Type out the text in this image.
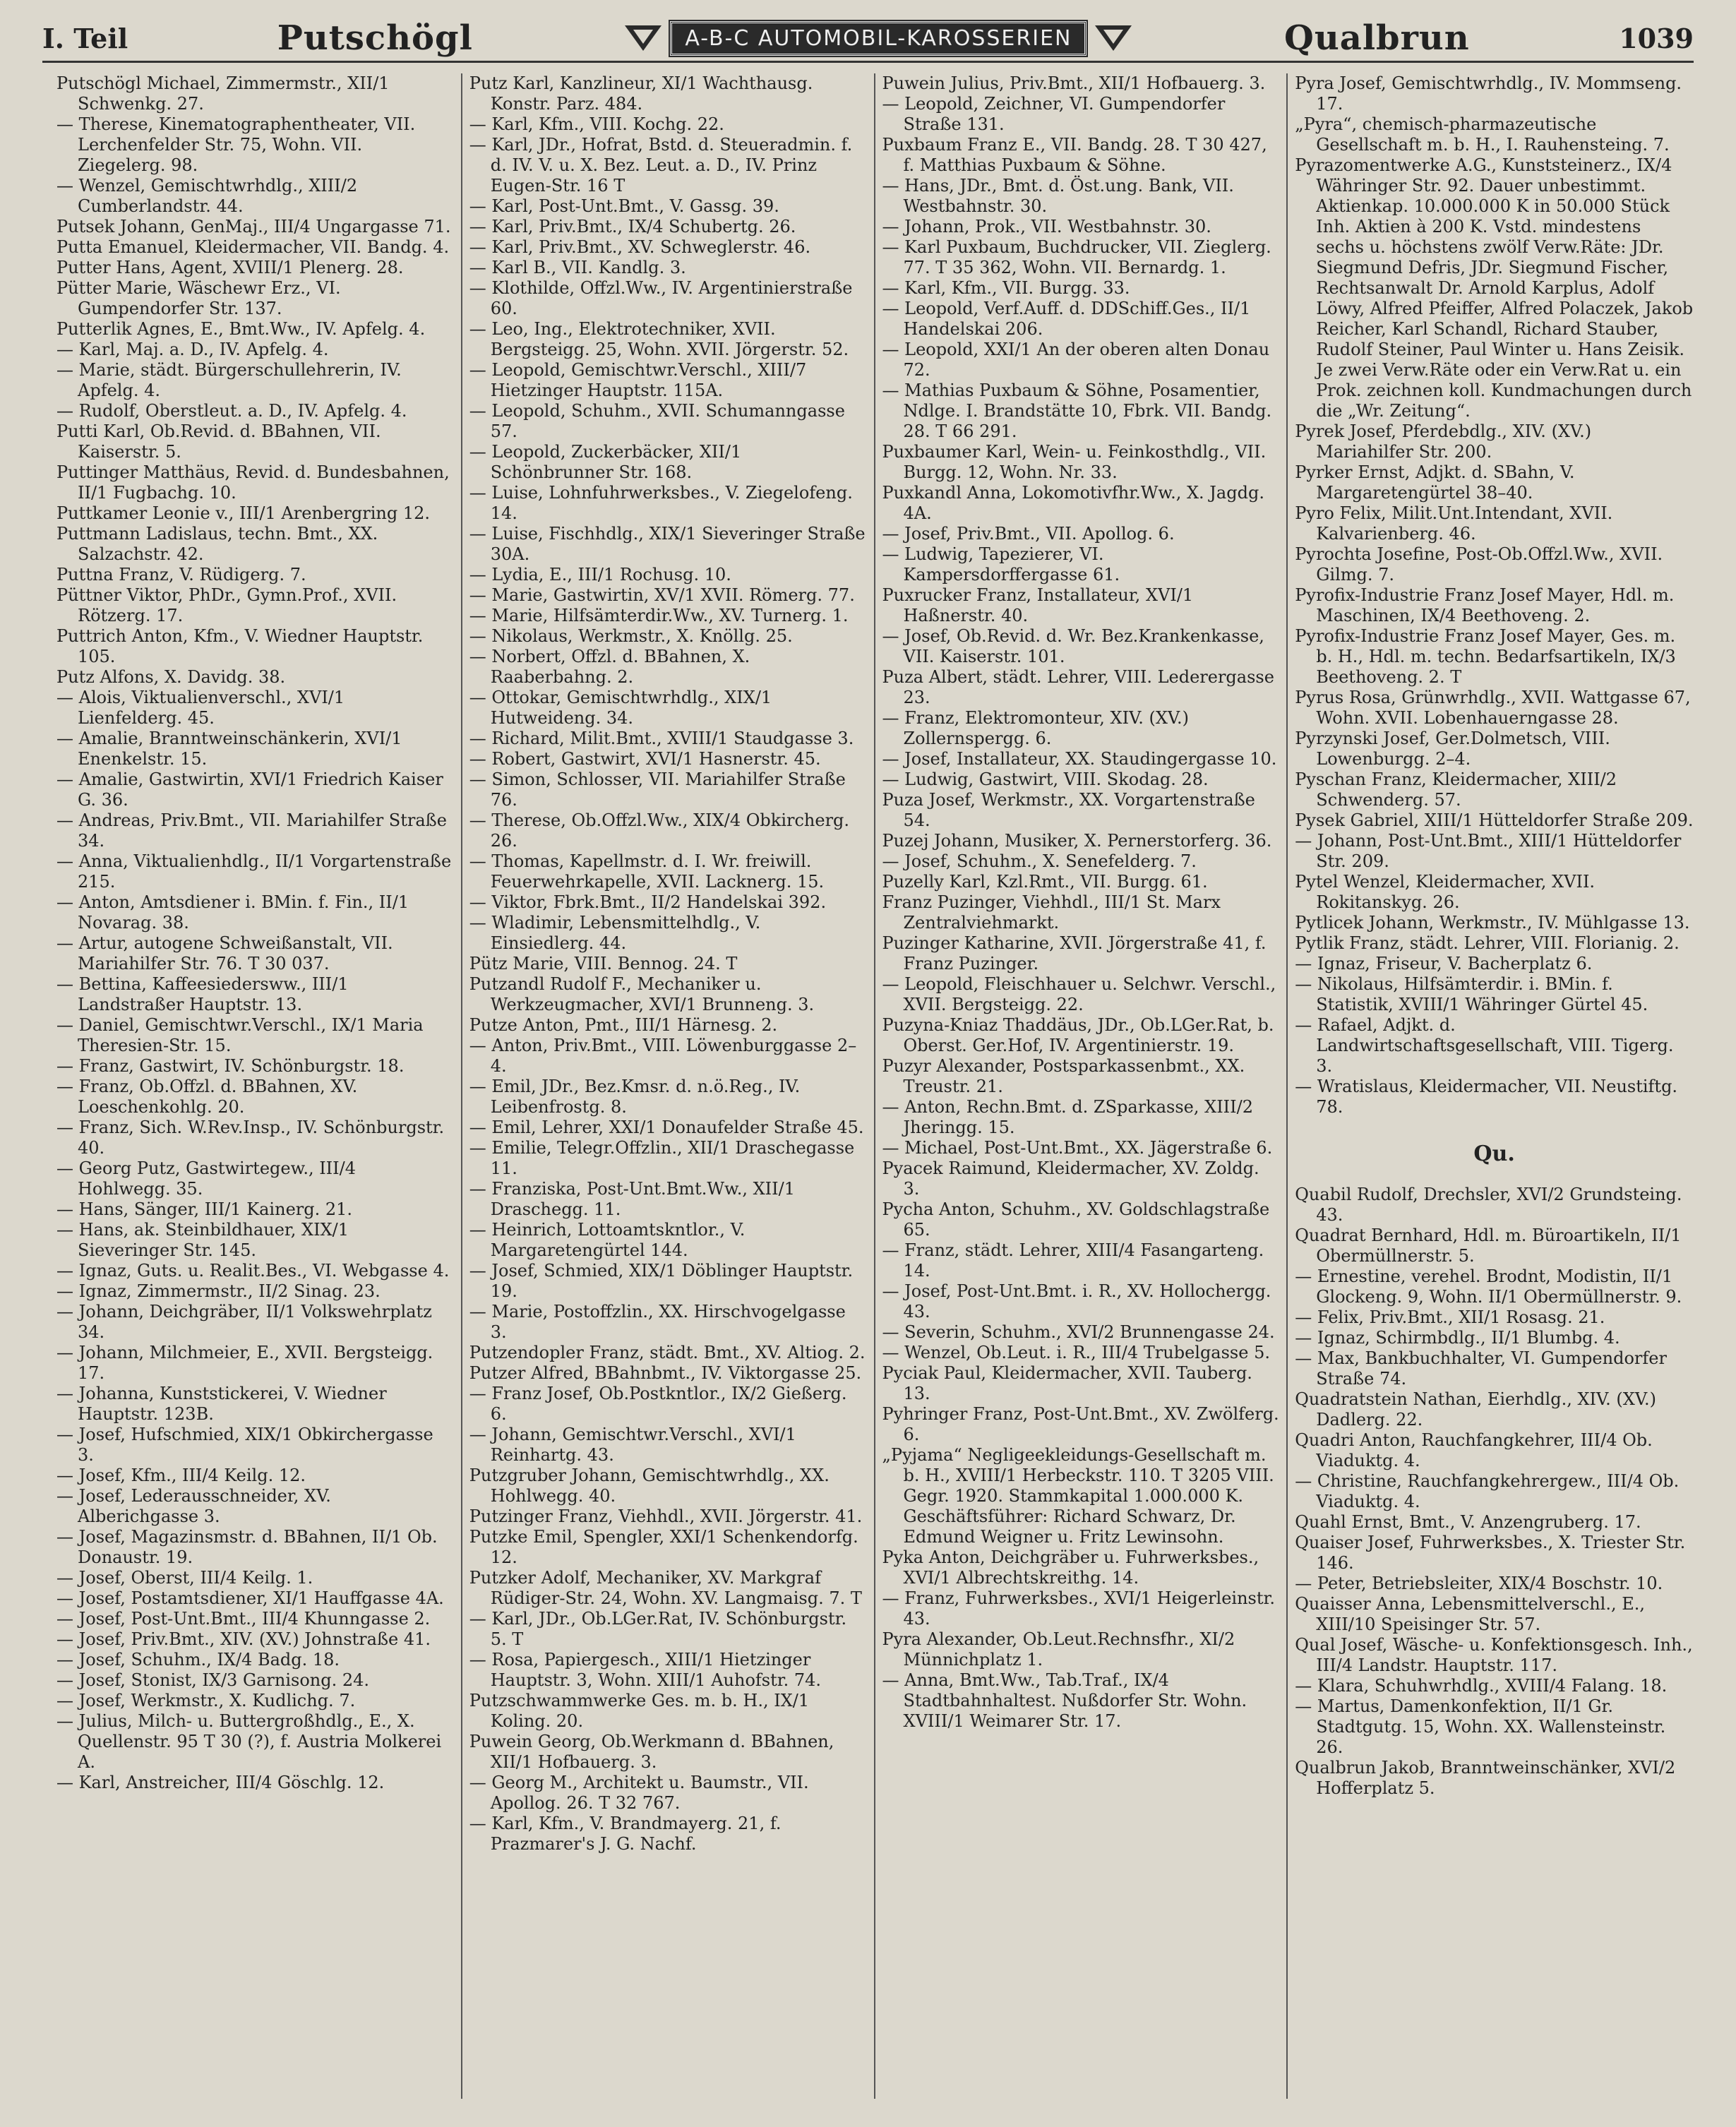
I. Teil	Putschögl	A-B-C AUTOMOBIL-KAROSSERIEN	Qualbrun	1039

Putschögl Michael, Zimmermstr., XII/1 Schwenkg. 27.

— Therese, Kinematographentheater, VII. Lerchenfelder Str. 75, Wohn. VII. Ziegelerg. 98.

— Wenzel, Gemischtwrhdlg., XIII/2 Cumberlandstr. 44.

Putsek Johann, GenMaj., III/4 Ungargasse 71.

Putta Emanuel, Kleidermacher, VII. Bandg. 4.

Putter Hans, Agent, XVIII/1 Plenerg. 28.

Pütter Marie, Wäschewr Erz., VI. Gumpendorfer Str. 137.

Putterlik Agnes, E., Bmt.Ww., IV. Apfelg. 4.

— Karl, Maj. a. D., IV. Apfelg. 4.

— Marie, städt. Bürgerschullehrerin, IV. Apfelg. 4.

— Rudolf, Oberstleut. a. D., IV. Apfelg. 4.

Putti Karl, Ob.Revid. d. BBahnen, VII. Kaiserstr. 5.

Puttinger Matthäus, Revid. d. Bundesbahnen, II/1 Fugbachg. 10.

Puttkamer Leonie v., III/1 Arenbergring 12.

Puttmann Ladislaus, techn. Bmt., XX. Salzachstr. 42.

Puttna Franz, V. Rüdigerg. 7.

Püttner Viktor, PhDr., Gymn.Prof., XVII. Rötzerg. 17.

Puttrich Anton, Kfm., V. Wiedner Hauptstr. 105.

Putz Alfons, X. Davidg. 38.

— Alois, Viktualienverschl., XVI/1 Lienfelderg. 45.

— Amalie, Branntweinschänkerin, XVI/1 Enenkelstr. 15.

— Amalie, Gastwirtin, XVI/1 Friedrich Kaiser G. 36.

— Andreas, Priv.Bmt., VII. Mariahilfer Straße 34.

— Anna, Viktualienhdlg., II/1 Vorgartenstraße 215.

— Anton, Amtsdiener i. BMin. f. Fin., II/1 Novarag. 38.

— Artur, autogene Schweißanstalt, VII. Mariahilfer Str. 76. T 30 037.

— Bettina, Kaffeesiedersww., III/1 Landstraßer Hauptstr. 13.

— Daniel, Gemischtwr.Verschl., IX/1 Maria Theresien-Str. 15.

— Franz, Gastwirt, IV. Schönburgstr. 18.

— Franz, Ob.Offzl. d. BBahnen, XV. Loeschenkohlg. 20.

— Franz, Sich. W.Rev.Insp., IV. Schönburgstr. 40.

— Georg Putz, Gastwirtegew., III/4 Hohlwegg. 35.

— Hans, Sänger, III/1 Kainerg. 21.

— Hans, ak. Steinbildhauer, XIX/1 Sieveringer Str. 145.

— Ignaz, Guts. u. Realit.Bes., VI. Webgasse 4.

— Ignaz, Zimmermstr., II/2 Sinag. 23.

— Johann, Deichgräber, II/1 Volkswehrplatz 34.

— Johann, Milchmeier, E., XVII. Bergsteigg. 17.

— Johanna, Kunststickerei, V. Wiedner Hauptstr. 123B.

— Josef, Hufschmied, XIX/1 Obkirchergasse 3.

— Josef, Kfm., III/4 Keilg. 12.

— Josef, Lederausschneider, XV. Alberichgasse 3.

— Josef, Magazinsmstr. d. BBahnen, II/1 Ob. Donaustr. 19.

— Josef, Oberst, III/4 Keilg. 1.

— Josef, Postamtsdiener, XI/1 Hauffgasse 4A.

— Josef, Post-Unt.Bmt., III/4 Khunngasse 2.

— Josef, Priv.Bmt., XIV. (XV.) Johnstraße 41.

— Josef, Schuhm., IX/4 Badg. 18.

— Josef, Stonist, IX/3 Garnisong. 24.

— Josef, Werkmstr., X. Kudlichg. 7.

— Julius, Milch- u. Buttergroßhdlg., E., X. Quellenstr. 95 T 30 (?), f. Austria Molkerei A.

— Karl, Anstreicher, III/4 Göschlg. 12.

Putz Karl, Kanzlineur, XI/1 Wachthausg. Konstr. Parz. 484.

— Karl, Kfm., VIII. Kochg. 22.

— Karl, JDr., Hofrat, Bstd. d. Steueradmin. f. d. IV. V. u. X. Bez. Leut. a. D., IV. Prinz Eugen-Str. 16 T

— Karl, Post-Unt.Bmt., V. Gassg. 39.

— Karl, Priv.Bmt., IX/4 Schubertg. 26.

— Karl, Priv.Bmt., XV. Schweglerstr. 46.

— Karl B., VII. Kandlg. 3.

— Klothilde, Offzl.Ww., IV. Argentinierstraße 60.

— Leo, Ing., Elektrotechniker, XVII. Bergsteigg. 25, Wohn. XVII. Jörgerstr. 52.

— Leopold, Gemischtwr.Verschl., XIII/7 Hietzinger Hauptstr. 115A.

— Leopold, Schuhm., XVII. Schumanngasse 57.

— Leopold, Zuckerbäcker, XII/1 Schönbrunner Str. 168.

— Luise, Lohnfuhrwerksbes., V. Ziegelofeng. 14.

— Luise, Fischhdlg., XIX/1 Sieveringer Straße 30A.

— Lydia, E., III/1 Rochusg. 10.

— Marie, Gastwirtin, XV/1 XVII. Römerg. 77.

— Marie, Hilfsämterdir.Ww., XV. Turnerg. 1.

— Nikolaus, Werkmstr., X. Knöllg. 25.

— Norbert, Offzl. d. BBahnen, X. Raaberbahng. 2.

— Ottokar, Gemischtwrhdlg., XIX/1 Hutweideng. 34.

— Richard, Milit.Bmt., XVIII/1 Staudgasse 3.

— Robert, Gastwirt, XVI/1 Hasnerstr. 45.

— Simon, Schlosser, VII. Mariahilfer Straße 76.

— Therese, Ob.Offzl.Ww., XIX/4 Obkircherg. 26.

— Thomas, Kapellmstr. d. I. Wr. freiwill. Feuerwehrkapelle, XVII. Lacknerg. 15.

— Viktor, Fbrk.Bmt., II/2 Handelskai 392.

— Wladimir, Lebensmittelhdlg., V. Einsiedlerg. 44.

Pütz Marie, VIII. Bennog. 24. T

Putzandl Rudolf F., Mechaniker u. Werkzeugmacher, XVI/1 Brunneng. 3.

Putze Anton, Pmt., III/1 Härnesg. 2.

— Anton, Priv.Bmt., VIII. Löwenburggasse 2–4.

— Emil, JDr., Bez.Kmsr. d. n.ö.Reg., IV. Leibenfrostg. 8.

— Emil, Lehrer, XXI/1 Donaufelder Straße 45.

— Emilie, Telegr.Offzlin., XII/1 Draschegasse 11.

— Franziska, Post-Unt.Bmt.Ww., XII/1 Draschegg. 11.

— Heinrich, Lottoamtskntlor., V. Margaretengürtel 144.

— Josef, Schmied, XIX/1 Döblinger Hauptstr. 19.

— Marie, Postoffzlin., XX. Hirschvogelgasse 3.

Putzendopler Franz, städt. Bmt., XV. Altiog. 2.

Putzer Alfred, BBahnbmt., IV. Viktorgasse 25.

— Franz Josef, Ob.Postkntlor., IX/2 Gießerg. 6.

— Johann, Gemischtwr.Verschl., XVI/1 Reinhartg. 43.

Putzgruber Johann, Gemischtwrhdlg., XX. Hohlwegg. 40.

Putzinger Franz, Viehhdl., XVII. Jörgerstr. 41.

Putzke Emil, Spengler, XXI/1 Schenkendorfg. 12.

Putzker Adolf, Mechaniker, XV. Markgraf Rüdiger-Str. 24, Wohn. XV. Langmaisg. 7. T

— Karl, JDr., Ob.LGer.Rat, IV. Schönburgstr. 5. T

— Rosa, Papiergesch., XIII/1 Hietzinger Hauptstr. 3, Wohn. XIII/1 Auhofstr. 74.

Putzschwammwerke Ges. m. b. H., IX/1 Koling. 20.

Puwein Georg, Ob.Werkmann d. BBahnen, XII/1 Hofbauerg. 3.

— Georg M., Architekt u. Baumstr., VII. Apollog. 26. T 32 767.

— Karl, Kfm., V. Brandmayerg. 21, f. Prazmarer's J. G. Nachf.

Puwein Julius, Priv.Bmt., XII/1 Hofbauerg. 3.

— Leopold, Zeichner, VI. Gumpendorfer Straße 131.

Puxbaum Franz E., VII. Bandg. 28. T 30 427, f. Matthias Puxbaum & Söhne.

— Hans, JDr., Bmt. d. Öst.ung. Bank, VII. Westbahnstr. 30.

— Johann, Prok., VII. Westbahnstr. 30.

— Karl Puxbaum, Buchdrucker, VII. Zieglerg. 77. T 35 362, Wohn. VII. Bernardg. 1.

— Karl, Kfm., VII. Burgg. 33.

— Leopold, Verf.Auff. d. DDSchiff.Ges., II/1 Handelskai 206.

— Leopold, XXI/1 An der oberen alten Donau 72.

— Mathias Puxbaum & Söhne, Posamentier, Ndlge. I. Brandstätte 10, Fbrk. VII. Bandg. 28. T 66 291.

Puxbaumer Karl, Wein- u. Feinkosthdlg., VII. Burgg. 12, Wohn. Nr. 33.

Puxkandl Anna, Lokomotivfhr.Ww., X. Jagdg. 4A.

— Josef, Priv.Bmt., VII. Apollog. 6.

— Ludwig, Tapezierer, VI. Kampersdorffergasse 61.

Puxrucker Franz, Installateur, XVI/1 Haßnerstr. 40.

— Josef, Ob.Revid. d. Wr. Bez.Krankenkasse, VII. Kaiserstr. 101.

Puza Albert, städt. Lehrer, VIII. Lederergasse 23.

— Franz, Elektromonteur, XIV. (XV.) Zollernspergg. 6.

— Josef, Installateur, XX. Staudingergasse 10.

— Ludwig, Gastwirt, VIII. Skodag. 28.

Puza Josef, Werkmstr., XX. Vorgartenstraße 54.

Puzej Johann, Musiker, X. Pernerstorferg. 36.

— Josef, Schuhm., X. Senefelderg. 7.

Puzelly Karl, Kzl.Rmt., VII. Burgg. 61.

Franz Puzinger, Viehhdl., III/1 St. Marx Zentralviehmarkt.

Puzinger Katharine, XVII. Jörgerstraße 41, f. Franz Puzinger.

— Leopold, Fleischhauer u. Selchwr. Verschl., XVII. Bergsteigg. 22.

Puzyna-Kniaz Thaddäus, JDr., Ob.LGer.Rat, b. Oberst. Ger.Hof, IV. Argentinierstr. 19.

Puzyr Alexander, Postsparkassenbmt., XX. Treustr. 21.

— Anton, Rechn.Bmt. d. ZSparkasse, XIII/2 Jheringg. 15.

— Michael, Post-Unt.Bmt., XX. Jägerstraße 6.

Pyacek Raimund, Kleidermacher, XV. Zoldg. 3.

Pycha Anton, Schuhm., XV. Goldschlagstraße 65.

— Franz, städt. Lehrer, XIII/4 Fasangarteng. 14.

— Josef, Post-Unt.Bmt. i. R., XV. Hollochergg. 43.

— Severin, Schuhm., XVI/2 Brunnengasse 24.

— Wenzel, Ob.Leut. i. R., III/4 Trubelgasse 5.

Pyciak Paul, Kleidermacher, XVII. Tauberg. 13.

Pyhringer Franz, Post-Unt.Bmt., XV. Zwölferg. 6.

„Pyjama“ Negligeekleidungs-Gesellschaft m. b. H., XVIII/1 Herbeckstr. 110. T 3205 VIII. Gegr. 1920. Stammkapital 1.000.000 K. Geschäftsführer: Richard Schwarz, Dr. Edmund Weigner u. Fritz Lewinsohn.

Pyka Anton, Deichgräber u. Fuhrwerksbes., XVI/1 Albrechtskreithg. 14.

— Franz, Fuhrwerksbes., XVI/1 Heigerleinstr. 43.

Pyra Alexander, Ob.Leut.Rechnsfhr., XI/2 Münnichplatz 1.

— Anna, Bmt.Ww., Tab.Traf., IX/4 Stadtbahnhaltest. Nußdorfer Str. Wohn. XVIII/1 Weimarer Str. 17.

Pyra Josef, Gemischtwrhdlg., IV. Mommseng. 17.

„Pyra“, chemisch-pharmazeutische Gesellschaft m. b. H., I. Rauhensteing. 7.

Pyrazomentwerke A.G., Kunststeinerz., IX/4 Währinger Str. 92. Dauer unbestimmt. Aktienkap. 10.000.000 K in 50.000 Stück Inh. Aktien à 200 K. Vstd. mindestens sechs u. höchstens zwölf Verw.Räte: JDr. Siegmund Defris, JDr. Siegmund Fischer, Rechtsanwalt Dr. Arnold Karplus, Adolf Löwy, Alfred Pfeiffer, Alfred Polaczek, Jakob Reicher, Karl Schandl, Richard Stauber, Rudolf Steiner, Paul Winter u. Hans Zeisik. Je zwei Verw.Räte oder ein Verw.Rat u. ein Prok. zeichnen koll. Kundmachungen durch die „Wr. Zeitung“.

Pyrek Josef, Pferdebdlg., XIV. (XV.) Mariahilfer Str. 200.

Pyrker Ernst, Adjkt. d. SBahn, V. Margaretengürtel 38–40.

Pyro Felix, Milit.Unt.Intendant, XVII. Kalvarienberg. 46.

Pyrochta Josefine, Post-Ob.Offzl.Ww., XVII. Gilmg. 7.

Pyrofix-Industrie Franz Josef Mayer, Hdl. m. Maschinen, IX/4 Beethoveng. 2.

Pyrofix-Industrie Franz Josef Mayer, Ges. m. b. H., Hdl. m. techn. Bedarfsartikeln, IX/3 Beethoveng. 2. T

Pyrus Rosa, Grünwrhdlg., XVII. Wattgasse 67, Wohn. XVII. Lobenhauerngasse 28.

Pyrzynski Josef, Ger.Dolmetsch, VIII. Lowenburgg. 2–4.

Pyschan Franz, Kleidermacher, XIII/2 Schwenderg. 57.

Pysek Gabriel, XIII/1 Hütteldorfer Straße 209.

— Johann, Post-Unt.Bmt., XIII/1 Hütteldorfer Str. 209.

Pytel Wenzel, Kleidermacher, XVII. Rokitanskyg. 26.

Pytlicek Johann, Werkmstr., IV. Mühlgasse 13.

Pytlik Franz, städt. Lehrer, VIII. Florianig. 2.

— Ignaz, Friseur, V. Bacherplatz 6.

— Nikolaus, Hilfsämterdir. i. BMin. f. Statistik, XVIII/1 Währinger Gürtel 45.

— Rafael, Adjkt. d. Landwirtschaftsgesellschaft, VIII. Tigerg. 3.

— Wratislaus, Kleidermacher, VII. Neustiftg. 78.

Qu.

Quabil Rudolf, Drechsler, XVI/2 Grundsteing. 43.

Quadrat Bernhard, Hdl. m. Büroartikeln, II/1 Obermüllnerstr. 5.

— Ernestine, verehel. Brodnt, Modistin, II/1 Glockeng. 9, Wohn. II/1 Obermüllnerstr. 9.

— Felix, Priv.Bmt., XII/1 Rosasg. 21.

— Ignaz, Schirmbdlg., II/1 Blumbg. 4.

— Max, Bankbuchhalter, VI. Gumpendorfer Straße 74.

Quadratstein Nathan, Eierhdlg., XIV. (XV.) Dadlerg. 22.

Quadri Anton, Rauchfangkehrer, III/4 Ob. Viaduktg. 4.

— Christine, Rauchfangkehrergew., III/4 Ob. Viaduktg. 4.

Quahl Ernst, Bmt., V. Anzengruberg. 17.

Quaiser Josef, Fuhrwerksbes., X. Triester Str. 146.

— Peter, Betriebsleiter, XIX/4 Boschstr. 10.

Quaisser Anna, Lebensmittelverschl., E., XIII/10 Speisinger Str. 57.

Qual Josef, Wäsche- u. Konfektionsgesch. Inh., III/4 Landstr. Hauptstr. 117.

— Klara, Schuhwrhdlg., XVIII/4 Falang. 18.

— Martus, Damenkonfektion, II/1 Gr. Stadtgutg. 15, Wohn. XX. Wallensteinstr. 26.

Qualbrun Jakob, Branntweinschänker, XVI/2 Hofferplatz 5.
